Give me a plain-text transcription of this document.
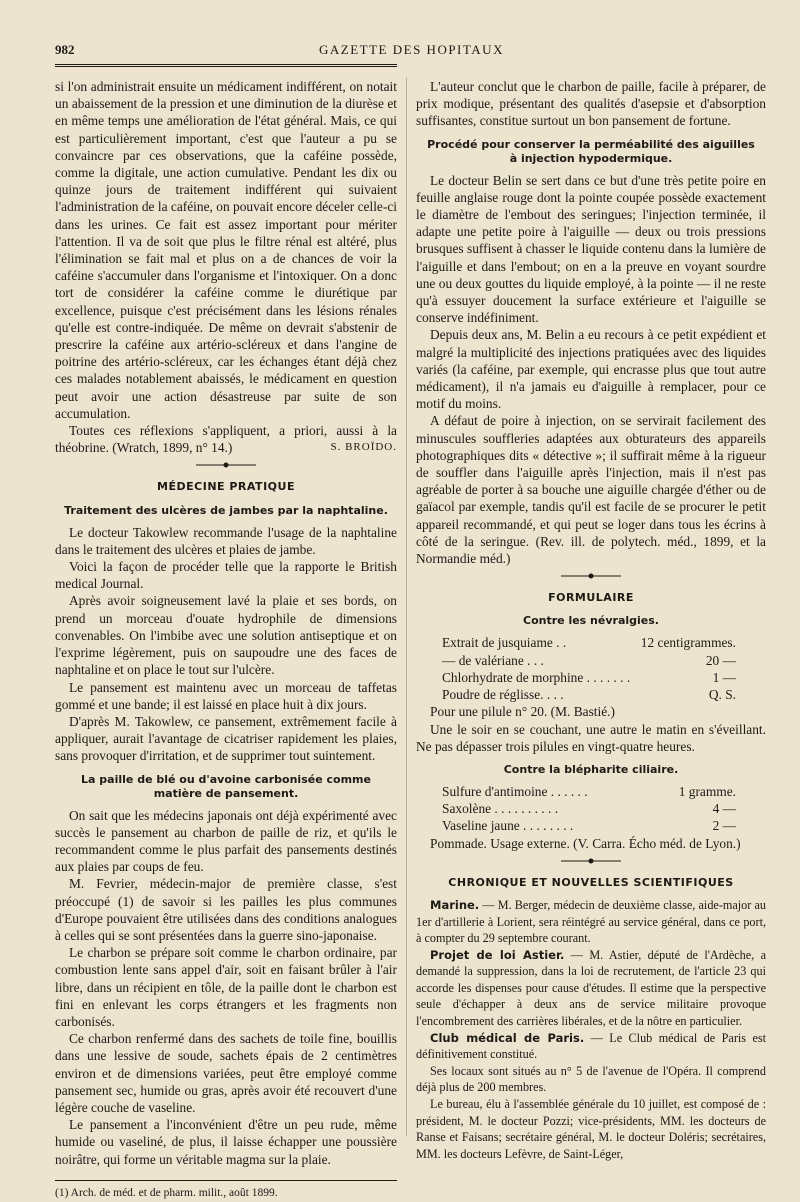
982	GAZETTE DES HOPITAUX

si l'on administrait ensuite un médicament indifférent, on notait un abaissement de la pression et une diminution de la diurèse et en même temps une amélioration de l'état général. Mais, ce qui est particulièrement important, c'est que l'auteur a pu se convaincre par ces observations, que la caféine possède, comme la digitale, une action cumulative. Pendant les dix ou quinze jours de traitement indifférent qui suivaient l'administration de la caféine, on pouvait encore déceler celle-ci dans les urines. Ce fait est assez important pour mériter l'attention. Il va de soit que plus le filtre rénal est altéré, plus l'élimination se fait mal et plus on a de chances de voir la caféine s'accumuler dans l'organisme et l'intoxiquer. On a donc tort de considérer la caféine comme le diurétique par excellence, puisque c'est précisément dans les lésions rénales qu'elle est contre-indiquée. De même on devrait s'abstenir de prescrire la caféine aux artério-scléreux et dans l'angine de poitrine des artério-scléreux, car les échanges étant déjà chez ces malades notablement abaissés, le médicament en question peut avoir une action désastreuse par suite de son accumulation.

Toutes ces réflexions s'appliquent, a priori, aussi à la théobrine. (Wratch, 1899, n° 14.)	S. BROÏDO.

MÉDECINE PRATIQUE
Traitement des ulcères de jambes par la naphtaline.

Le docteur Takowlew recommande l'usage de la naphtaline dans le traitement des ulcères et plaies de jambe.

Voici la façon de procéder telle que la rapporte le British medical Journal.

Après avoir soigneusement lavé la plaie et ses bords, on prend un morceau d'ouate hydrophile de dimensions convenables. On l'imbibe avec une solution antiseptique et on l'exprime légèrement, puis on saupoudre une des faces de naphtaline et on place le tout sur l'ulcère.

Le pansement est maintenu avec un morceau de taffetas gommé et une bande; il est laissé en place huit à dix jours.

D'après M. Takowlew, ce pansement, extrêmement facile à appliquer, aurait l'avantage de cicatriser rapidement les plaies, sans provoquer d'irritation, et de supprimer tout suintement.

La paille de blé ou d'avoine carbonisée comme matière de pansement.

On sait que les médecins japonais ont déjà expérimenté avec succès le pansement au charbon de paille de riz, et qu'ils le recommandent comme le plus parfait des pansements destinés aux plaies par coups de feu.

M. Fevrier, médecin-major de première classe, s'est préoccupé (1) de savoir si les pailles les plus communes d'Europe pouvaient être utilisées dans des conditions analogues à celles qui se sont présentées dans la guerre sino-japonaise.

Le charbon se prépare soit comme le charbon ordinaire, par combustion lente sans appel d'air, soit en faisant brûler à l'air libre, dans un récipient en tôle, de la paille dont le charbon est fini en enlevant les corps étrangers et les fragments non carbonisés.

Ce charbon renfermé dans des sachets de toile fine, bouillis dans une lessive de soude, sachets épais de 2 centimètres environ et de dimensions variées, peut être employé comme pansement sec, humide ou gras, après avoir été recouvert d'une légère couche de vaseline.

Le pansement a l'inconvénient d'être un peu rude, même humide ou vaseliné, de plus, il laisse échapper une poussière noirâtre, qui forme un véritable magma sur la plaie.

(1) Arch. de méd. et de pharm. milit., août 1899.

L'auteur conclut que le charbon de paille, facile à préparer, de prix modique, présentant des qualités d'asepsie et d'absorption suffisantes, constitue surtout un bon pansement de fortune.

Procédé pour conserver la perméabilité des aiguilles à injection hypodermique.

Le docteur Belin se sert dans ce but d'une très petite poire en feuille anglaise rouge dont la pointe coupée possède exactement le diamètre de l'embout des seringues; l'injection terminée, il adapte une petite poire à l'aiguille — deux ou trois pressions brusques suffisent à chasser le liquide contenu dans la lumière de l'aiguille et dans l'embout; on en a la preuve en voyant sourdre une ou deux gouttes du liquide employé, à la pointe — il ne reste qu'à essuyer doucement la surface extérieure et l'aiguille se conserve indéfiniment.

Depuis deux ans, M. Belin a eu recours à ce petit expédient et malgré la multiplicité des injections pratiquées avec des liquides variés (la caféine, par exemple, qui encrasse plus que tout autre médicament), il n'a jamais eu d'aiguille à remplacer, pour ce motif du moins.

A défaut de poire à injection, on se servirait facilement des minuscules souffleries adaptées aux obturateurs des appareils photographiques dits « détective »; il suffirait même à la rigueur de souffler dans l'aiguille après l'injection, mais il n'est pas agréable de porter à sa bouche une aiguille chargée d'éther ou de gaïacol par exemple, tandis qu'il est facile de se procurer le petit appareil recommandé, et qui peut se loger dans tous les écrins à côté de la seringue. (Rev. ill. de polytech. méd., 1899, et la Normandie méd.)

FORMULAIRE
Contre les névralgies.
Extrait de jusquiame . .	12 centigrammes.
— de valériane . . .	20 —
Chlorhydrate de morphine . . . . . . .	1 —
Poudre de réglisse. . . .	Q. S.

Pour une pilule n° 20. (M. Bastié.)

Une le soir en se couchant, une autre le matin en s'éveillant. Ne pas dépasser trois pilules en vingt-quatre heures.

Contre la blépharite ciliaire.
Sulfure d'antimoine . . . . . .	1 gramme.
Saxolène . . . . . . . . . .	4 —
Vaseline jaune . . . . . . . .	2 —

Pommade. Usage externe. (V. Carra. Écho méd. de Lyon.)

CHRONIQUE ET NOUVELLES SCIENTIFIQUES

Marine. — M. Berger, médecin de deuxième classe, aide-major au 1er d'artillerie à Lorient, sera réintégré au service général, dans ce port, à compter du 29 septembre courant.

Projet de loi Astier. — M. Astier, député de l'Ardèche, a demandé la suppression, dans la loi de recrutement, de l'article 23 qui accorde les dispenses pour cause d'études. Il estime que la perspective seule d'échapper à deux ans de service militaire provoque l'encombrement des carrières libérales, et de la nôtre en particulier.

Club médical de Paris. — Le Club médical de Paris est définitivement constitué.

Ses locaux sont situés au n° 5 de l'avenue de l'Opéra. Il comprend déjà plus de 200 membres.

Le bureau, élu à l'assemblée générale du 10 juillet, est composé de : président, M. le docteur Pozzi; vice-présidents, MM. les docteurs de Ranse et Faisans; secrétaire général, M. le docteur Doléris; secrétaires, MM. les docteurs Lefèvre, de Saint-Léger,
